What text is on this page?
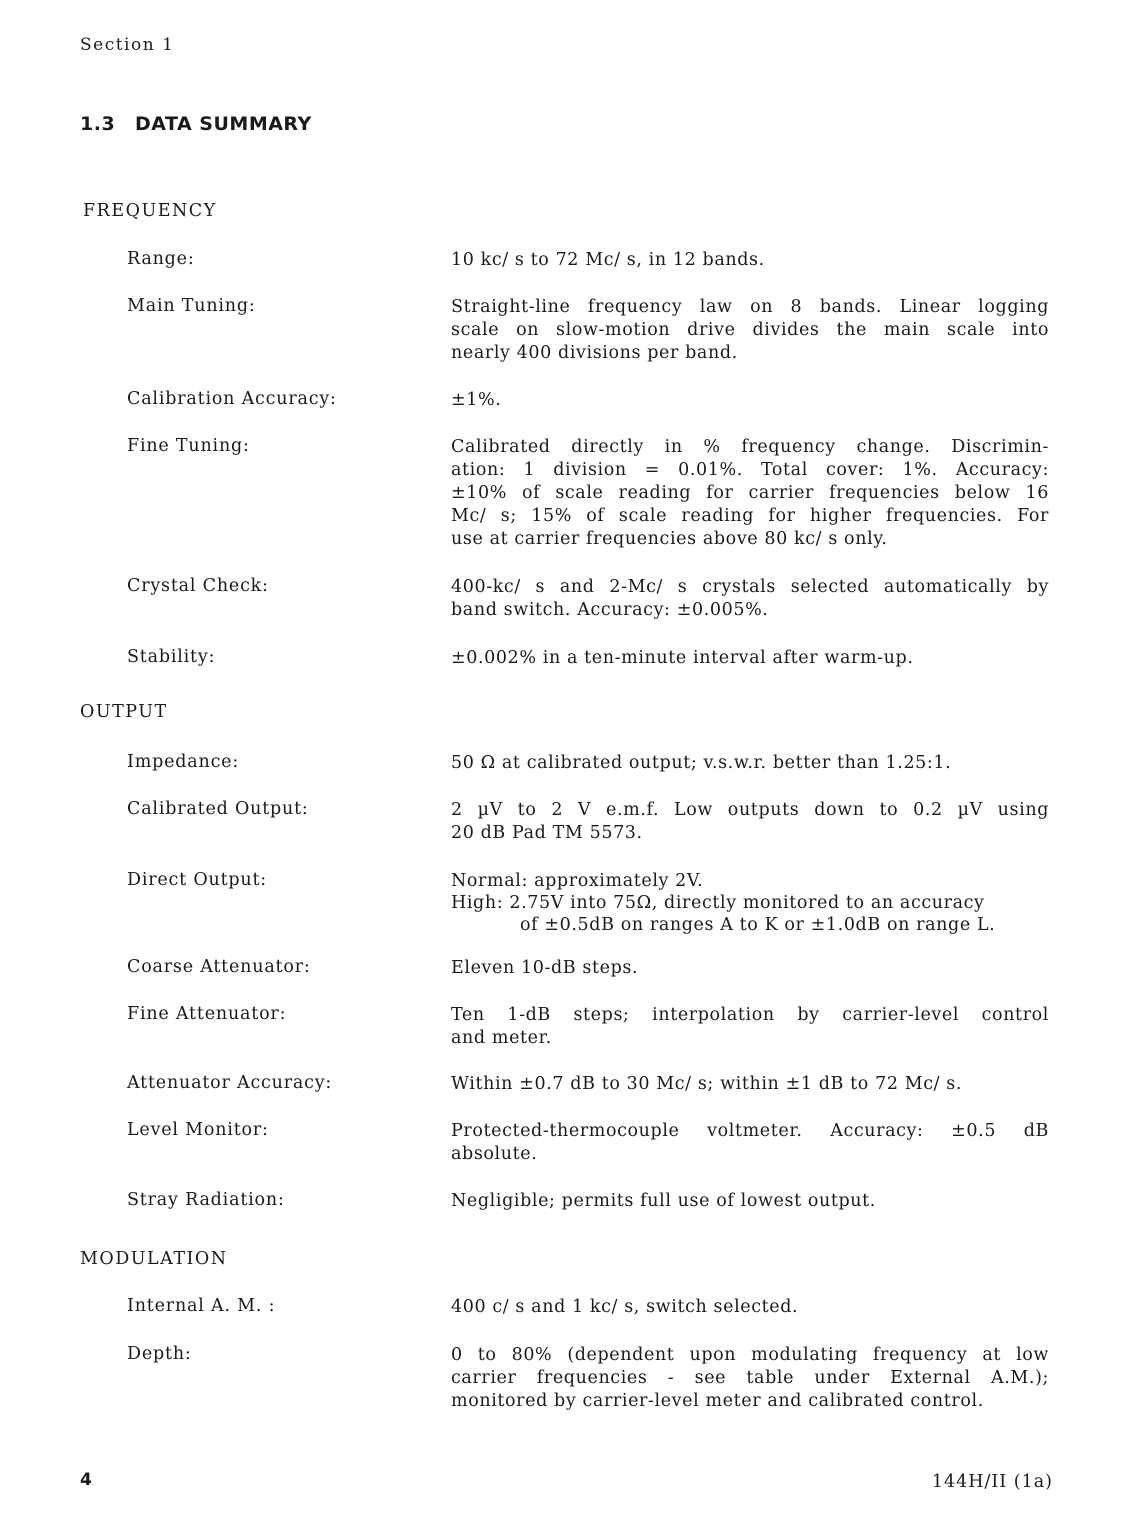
Section 1
1.3 DATA SUMMARY
FREQUENCY
Range:	10 kc/ s to 72 Mc/ s, in 12 bands.
Main Tuning:	Straight-line frequency law on 8 bands. Linear logging
scale on slow-motion drive divides the main scale into
nearly 400 divisions per band.
Calibration Accuracy:	±1%.
Fine Tuning:	Calibrated directly in % frequency change. Discrimin-
ation: 1 division = 0.01%. Total cover: 1%. Accuracy:
±10% of scale reading for carrier frequencies below 16
Mc/ s; 15% of scale reading for higher frequencies. For
use at carrier frequencies above 80 kc/ s only.
Crystal Check:	400-kc/ s and 2-Mc/ s crystals selected automatically by
band switch. Accuracy: ±0.005%.
Stability:	±0.002% in a ten-minute interval after warm-up.
OUTPUT
Impedance:	50 Ω at calibrated output; v.s.w.r. better than 1.25:1.
Calibrated Output:	2 µV to 2 V e.m.f. Low outputs down to 0.2 µV using
20 dB Pad TM 5573.
Direct Output:	Normal: approximately 2V.
High: 2.75V into 75Ω, directly monitored to an accuracy
of ±0.5dB on ranges A to K or ±1.0dB on range L.
Coarse Attenuator:	Eleven 10-dB steps.
Fine Attenuator:	Ten 1-dB steps; interpolation by carrier-level control
and meter.
Attenuator Accuracy:	Within ±0.7 dB to 30 Mc/ s; within ±1 dB to 72 Mc/ s.
Level Monitor:	Protected-thermocouple voltmeter. Accuracy: ±0.5 dB
absolute.
Stray Radiation:	Negligible; permits full use of lowest output.
MODULATION
Internal A. M. :	400 c/ s and 1 kc/ s, switch selected.
Depth:	0 to 80% (dependent upon modulating frequency at low
carrier frequencies - see table under External A.M.);
monitored by carrier-level meter and calibrated control.
4	144H/II (1a)
